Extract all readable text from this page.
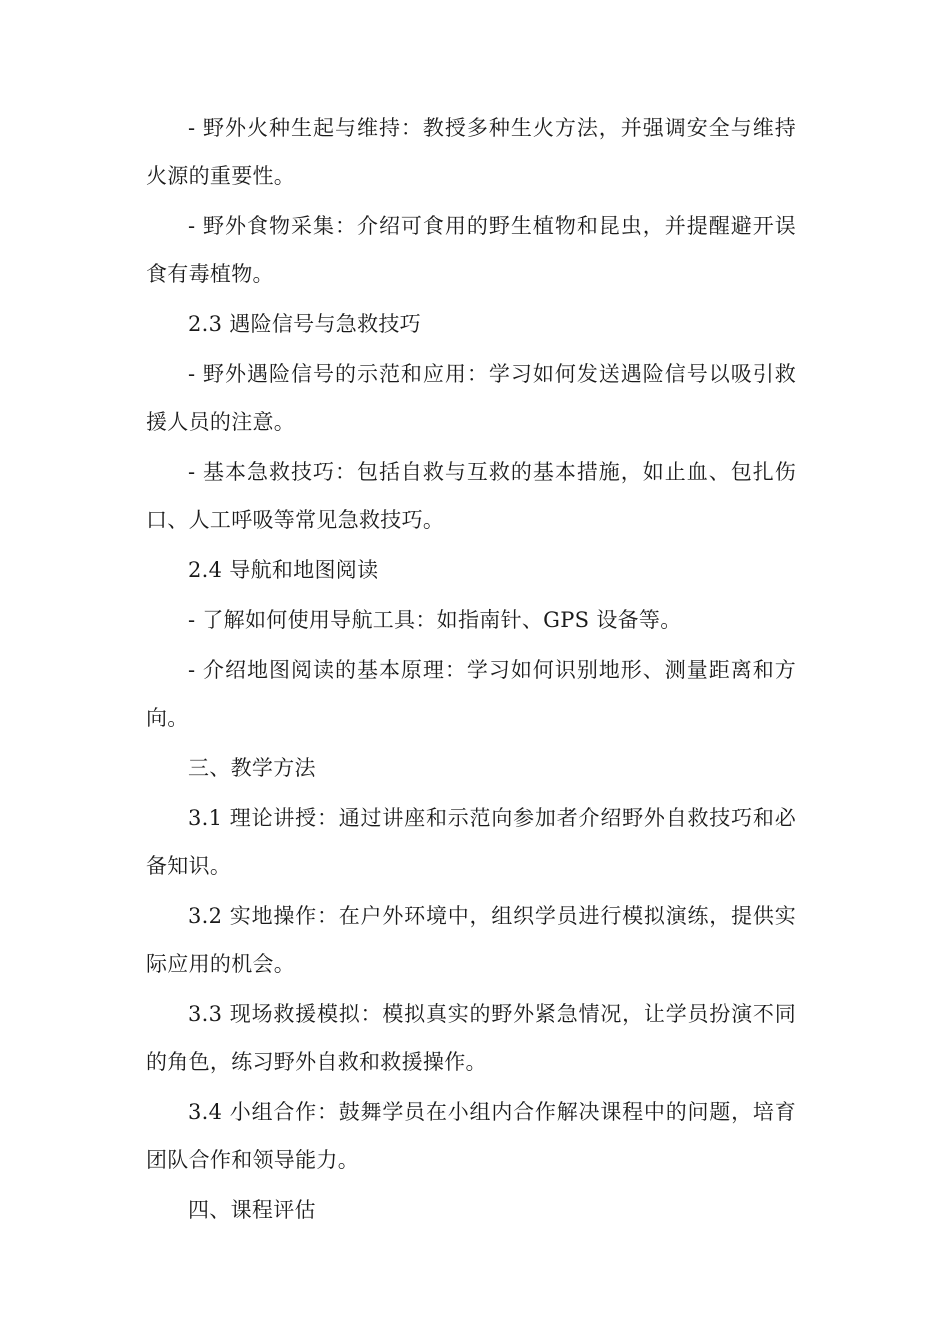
- 野外火种生起与维持：教授多种生火方法，并强调安全与维持火源的重要性。

- 野外食物采集：介绍可食用的野生植物和昆虫，并提醒避开误食有毒植物。

2.3 遇险信号与急救技巧

- 野外遇险信号的示范和应用：学习如何发送遇险信号以吸引救援人员的注意。

- 基本急救技巧：包括自救与互救的基本措施，如止血、包扎伤口、人工呼吸等常见急救技巧。

2.4 导航和地图阅读

- 了解如何使用导航工具：如指南针、GPS 设备等。

- 介绍地图阅读的基本原理：学习如何识别地形、测量距离和方向。

三、教学方法

3.1 理论讲授：通过讲座和示范向参加者介绍野外自救技巧和必备知识。

3.2 实地操作：在户外环境中，组织学员进行模拟演练，提供实际应用的机会。

3.3 现场救援模拟：模拟真实的野外紧急情况，让学员扮演不同的角色，练习野外自救和救援操作。

3.4 小组合作：鼓舞学员在小组内合作解决课程中的问题，培育团队合作和领导能力。

四、课程评估
